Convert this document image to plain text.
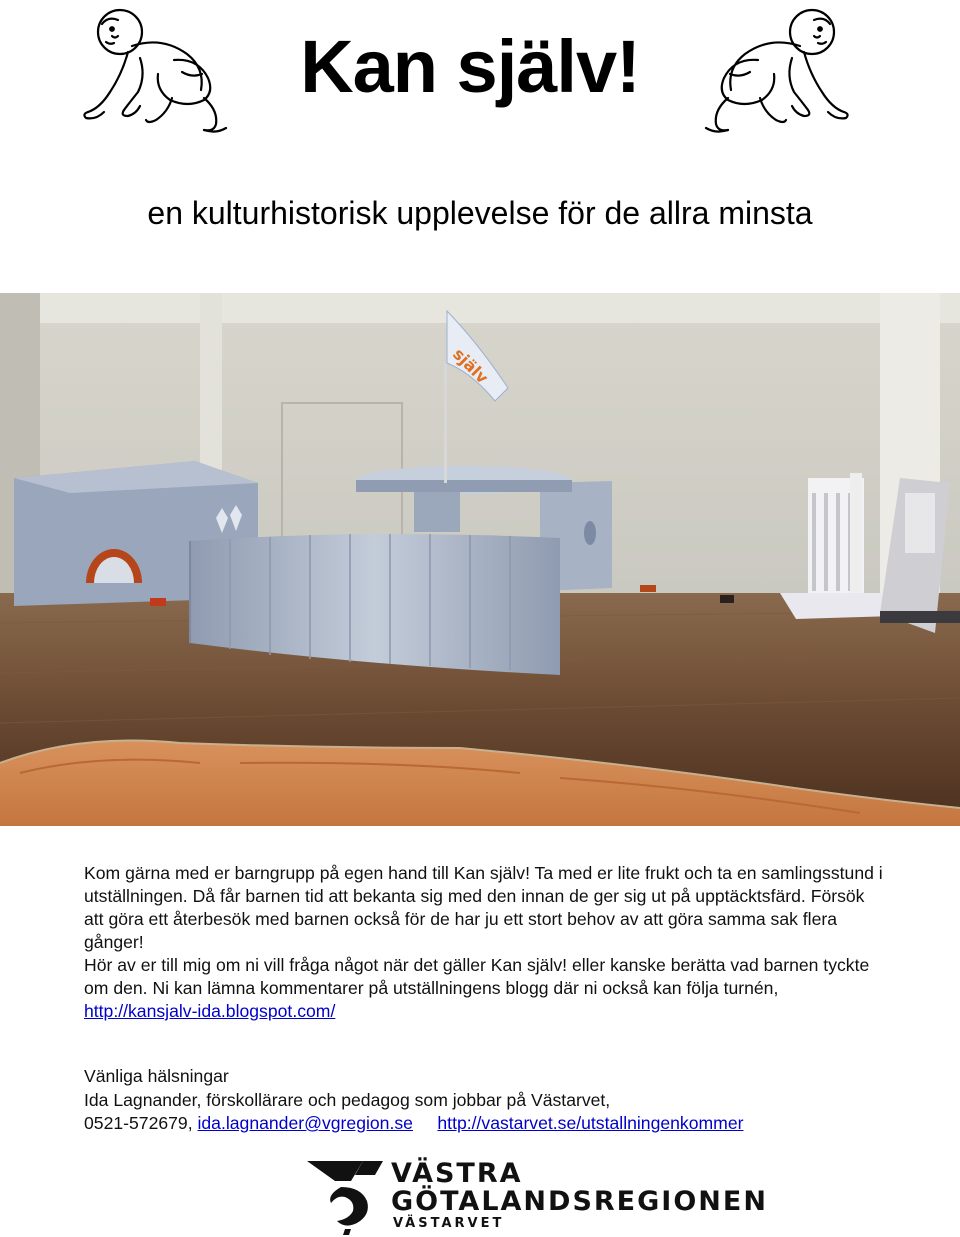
Kan själv!
en kulturhistorisk upplevelse för de allra minsta
själv

Kom gärna med er barngrupp på egen hand till Kan själv! Ta med er lite frukt och ta en samlingsstund i utställningen. Då får barnen tid att bekanta sig med den innan de ger sig ut på upptäcktsfärd. Försök att göra ett återbesök med barnen också för de har ju ett stort behov av att göra samma sak flera gånger!

Hör av er till mig om ni vill fråga något när det gäller Kan själv! eller kanske berätta vad barnen tyckte om den. Ni kan lämna kommentarer på utställningens blogg där ni också kan följa turnén, http://kansjalv-ida.blogspot.com/

Vänliga hälsningar

Ida Lagnander, förskollärare och pedagog som jobbar på Västarvet,

0521-572679, ida.lagnander@vgregion.se http://vastarvet.se/utstallningenkommer

VÄSTRA
GÖTALANDSREGIONEN
VÄSTARVET
